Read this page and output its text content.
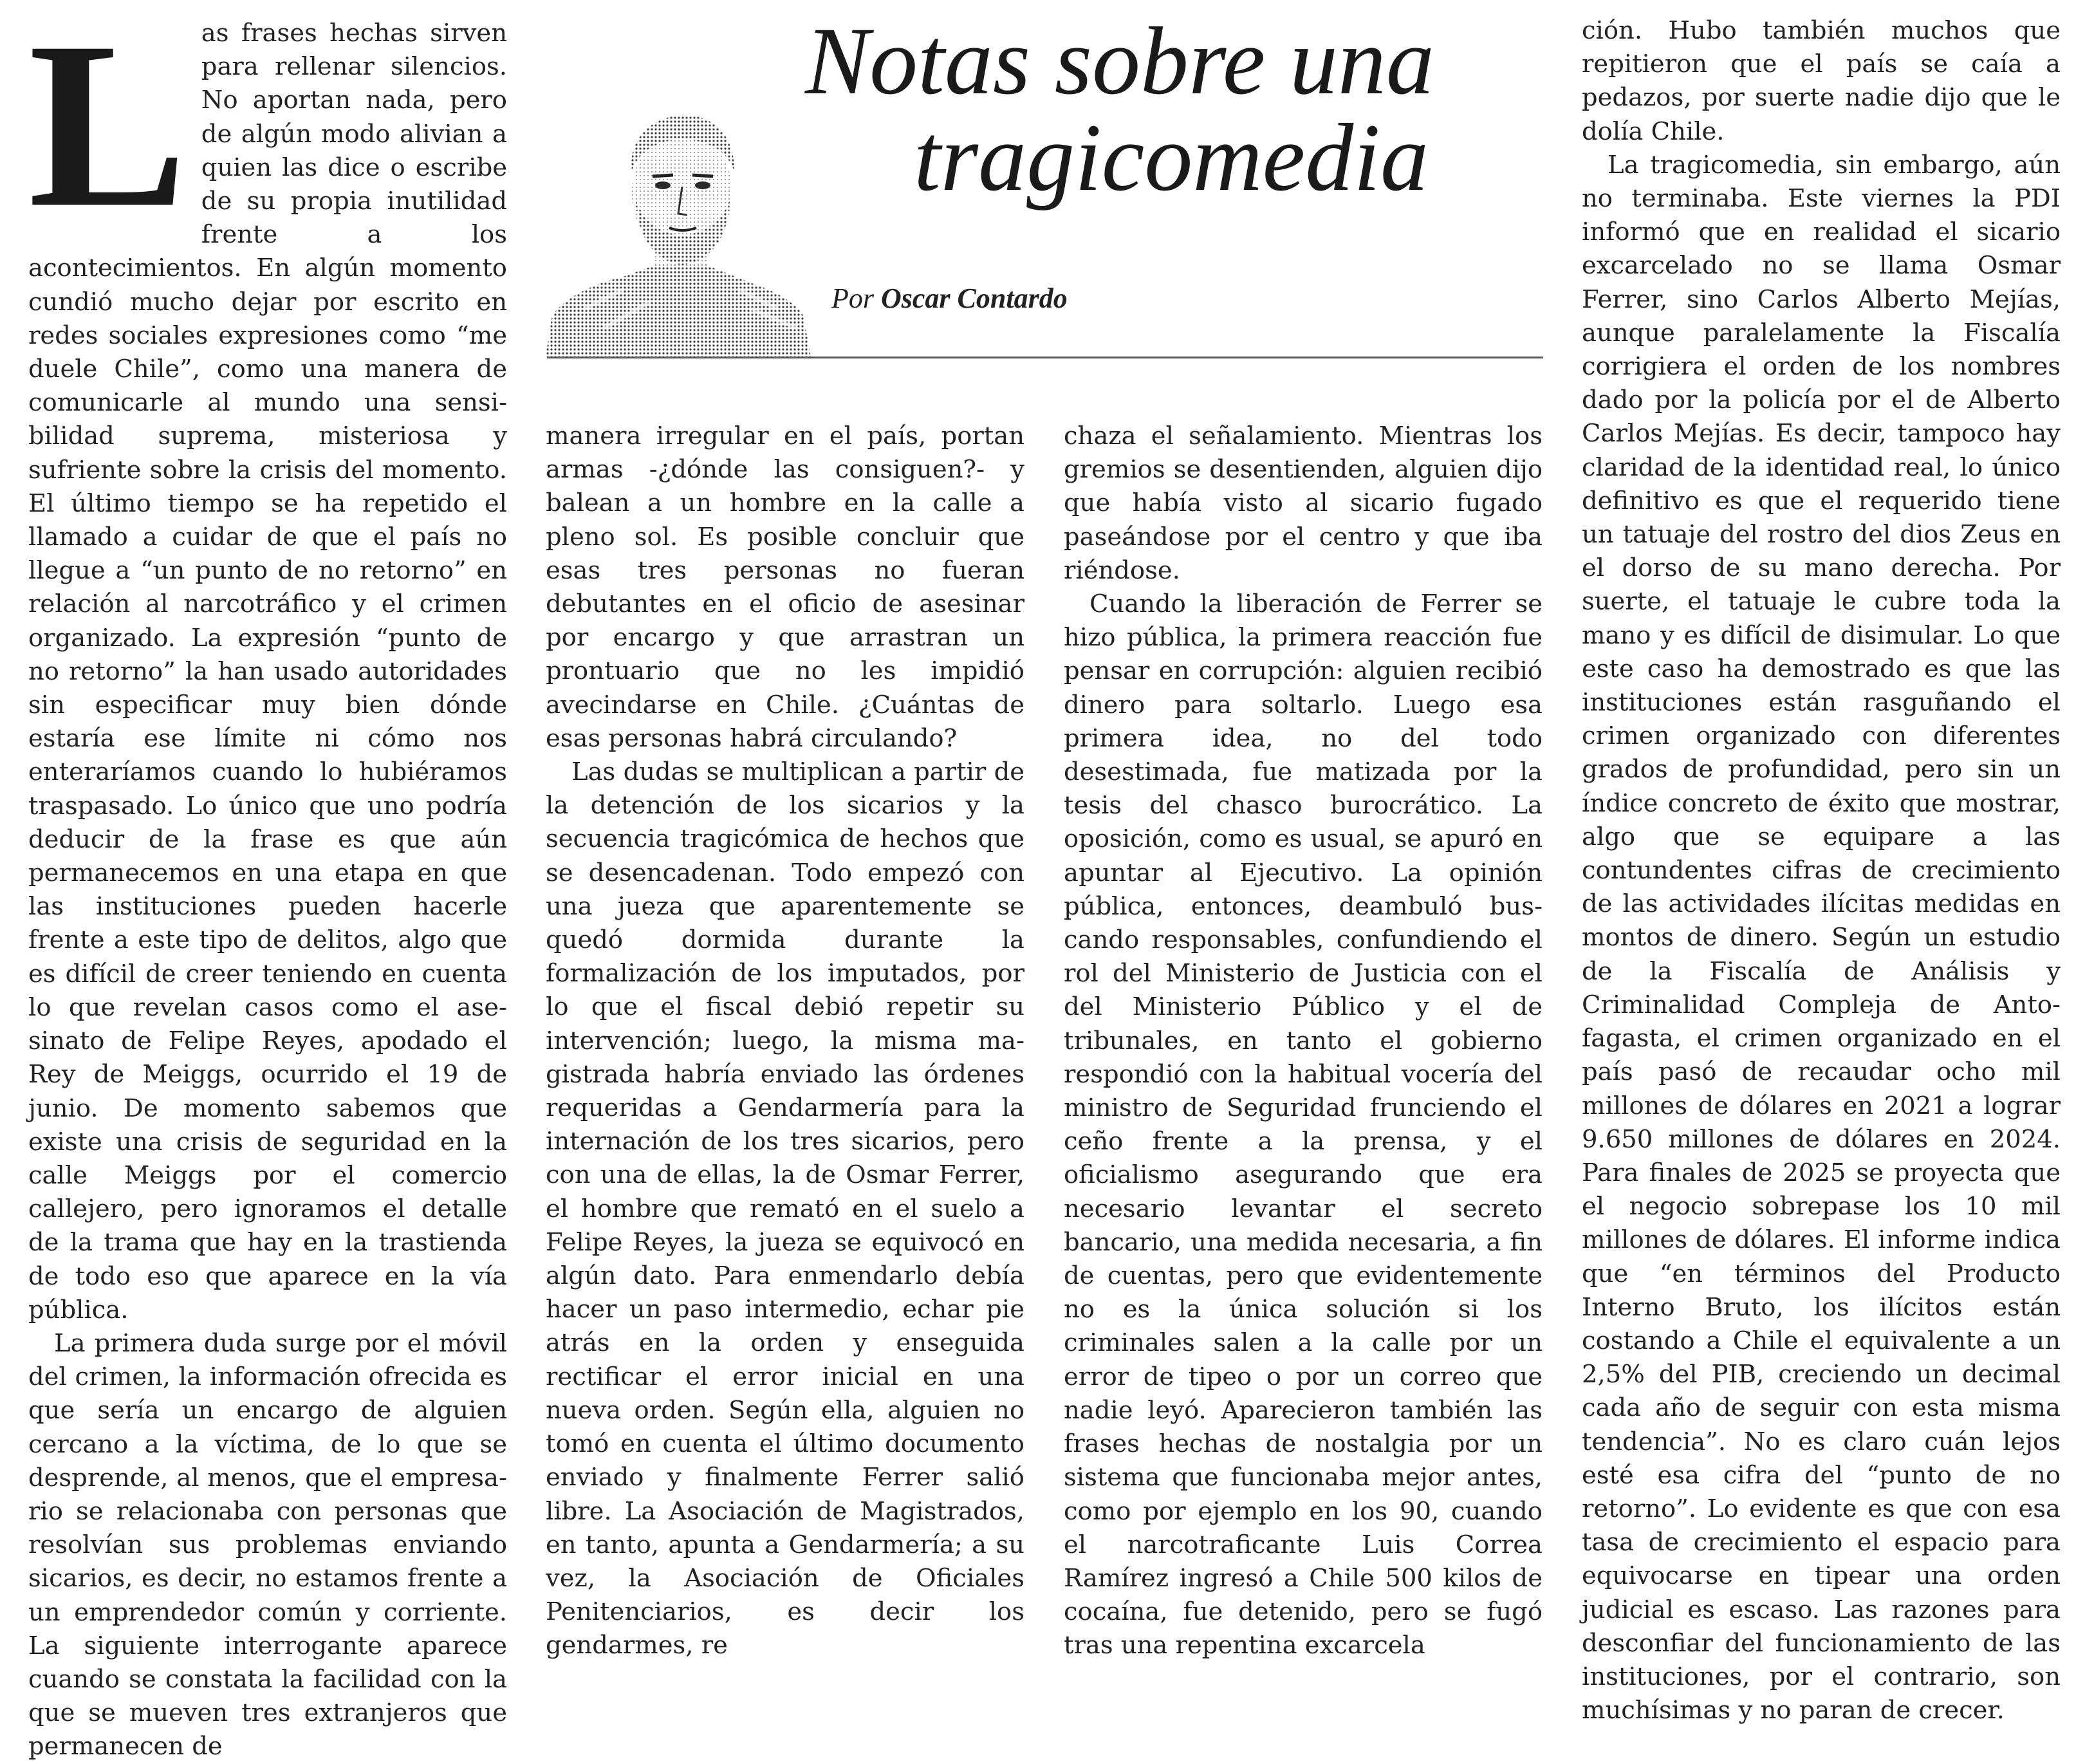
Notas sobre una
tragicomedia
Por Oscar Contardo

Las frases hechas sirven para rellenar silencios. No aportan nada, pero de algún modo alivian a quien las dice o escribe de su propia inutilidad frente a los acontecimientos. En algún momento cundió mucho dejar por escrito en redes sociales expresiones como “me duele Chile”, como una manera de comunicarle al mundo una sensibilidad suprema, misteriosa y sufriente sobre la crisis del momento. El último tiempo se ha repetido el llamado a cuidar de que el país no llegue a “un punto de no retorno” en relación al narcotráfico y el crimen organizado. La expresión “punto de no retorno” la han usado autoridades sin especificar muy bien dónde estaría ese límite ni cómo nos enteraríamos cuando lo hubiéramos traspasado. Lo único que uno podría deducir de la frase es que aún permanecemos en una etapa en que las instituciones pueden hacerle frente a este tipo de delitos, algo que es difícil de creer teniendo en cuenta lo que revelan casos como el asesinato de Felipe Reyes, apodado el Rey de Meiggs, ocurrido el 19 de junio. De momento sabemos que existe una crisis de seguridad en la calle Meiggs por el comercio callejero, pero ignoramos el detalle de la trama que hay en la trastienda de todo eso que aparece en la vía pública.

La primera duda surge por el móvil del crimen, la información ofrecida es que sería un encargo de alguien cercano a la víctima, de lo que se desprende, al menos, que el empresario se relacionaba con personas que resolvían sus problemas enviando sicarios, es decir, no estamos frente a un emprendedor común y corriente. La siguiente interrogante aparece cuando se constata la facilidad con la que se mueven tres extranjeros que permanecen de

manera irregular en el país, portan armas -¿dónde las consiguen?- y balean a un hombre en la calle a pleno sol. Es posible concluir que esas tres personas no fueran debutantes en el oficio de asesinar por encargo y que arrastran un prontuario que no les impidió avecindarse en Chile. ¿Cuántas de esas personas habrá circulando?

Las dudas se multiplican a partir de la detención de los sicarios y la secuencia tragicómica de hechos que se desencadenan. Todo empezó con una jueza que aparentemente se quedó dormida durante la formalización de los imputados, por lo que el fiscal debió repetir su intervención; luego, la misma magistrada habría enviado las órdenes requeridas a Gendarmería para la internación de los tres sicarios, pero con una de ellas, la de Osmar Ferrer, el hombre que remató en el suelo a Felipe Reyes, la jueza se equivocó en algún dato. Para enmendarlo debía hacer un paso intermedio, echar pie atrás en la orden y enseguida rectificar el error inicial en una nueva orden. Según ella, alguien no tomó en cuenta el último documento enviado y finalmente Ferrer salió libre. La Asociación de Magistrados, en tanto, apunta a Gendarmería; a su vez, la Asociación de Oficiales Penitenciarios, es decir los gendarmes, re

chaza el señalamiento. Mientras los gremios se desentienden, alguien dijo que había visto al sicario fugado paseándose por el centro y que iba riéndose.

Cuando la liberación de Ferrer se hizo pública, la primera reacción fue pensar en corrupción: alguien recibió dinero para soltarlo. Luego esa primera idea, no del todo desestimada, fue matizada por la tesis del chasco burocrático. La oposición, como es usual, se apuró en apuntar al Ejecutivo. La opinión pública, entonces, deambuló buscando responsables, confundiendo el rol del Ministerio de Justicia con el del Ministerio Público y el de tribunales, en tanto el gobierno respondió con la habitual vocería del ministro de Seguridad frunciendo el ceño frente a la prensa, y el oficialismo asegurando que era necesario levantar el secreto bancario, una medida necesaria, a fin de cuentas, pero que evidentemente no es la única solución si los criminales salen a la calle por un error de tipeo o por un correo que nadie leyó. Aparecieron también las frases hechas de nostalgia por un sistema que funcionaba mejor antes, como por ejemplo en los 90, cuando el narcotraficante Luis Correa Ramírez ingresó a Chile 500 kilos de cocaína, fue detenido, pero se fugó tras una repentina excarcela

ción. Hubo también muchos que repitieron que el país se caía a pedazos, por suerte nadie dijo que le dolía Chile.

La tragicomedia, sin embargo, aún no terminaba. Este viernes la PDI informó que en realidad el sicario excarcelado no se llama Osmar Ferrer, sino Carlos Alberto Mejías, aunque paralelamente la Fiscalía corrigiera el orden de los nombres dado por la policía por el de Alberto Carlos Mejías. Es decir, tampoco hay claridad de la identidad real, lo único definitivo es que el requerido tiene un tatuaje del rostro del dios Zeus en el dorso de su mano derecha. Por suerte, el tatuaje le cubre toda la mano y es difícil de disimular. Lo que este caso ha demostrado es que las instituciones están rasguñando el crimen organizado con diferentes grados de profundidad, pero sin un índice concreto de éxito que mostrar, algo que se equipare a las contundentes cifras de crecimiento de las actividades ilícitas medidas en montos de dinero. Según un estudio de la Fiscalía de Análisis y Criminalidad Compleja de Antofagasta, el crimen organizado en el país pasó de recaudar ocho mil millones de dólares en 2021 a lograr 9.650 millones de dólares en 2024. Para finales de 2025 se proyecta que el negocio sobrepase los 10 mil millones de dólares. El informe indica que “en términos del Producto Interno Bruto, los ilícitos están costando a Chile el equivalente a un 2,5% del PIB, creciendo un decimal cada año de seguir con esta misma tendencia”. No es claro cuán lejos esté esa cifra del “punto de no retorno”. Lo evidente es que con esa tasa de crecimiento el espacio para equivocarse en tipear una orden judicial es escaso. Las razones para desconfiar del funcionamiento de las instituciones, por el contrario, son muchísimas y no paran de crecer.
